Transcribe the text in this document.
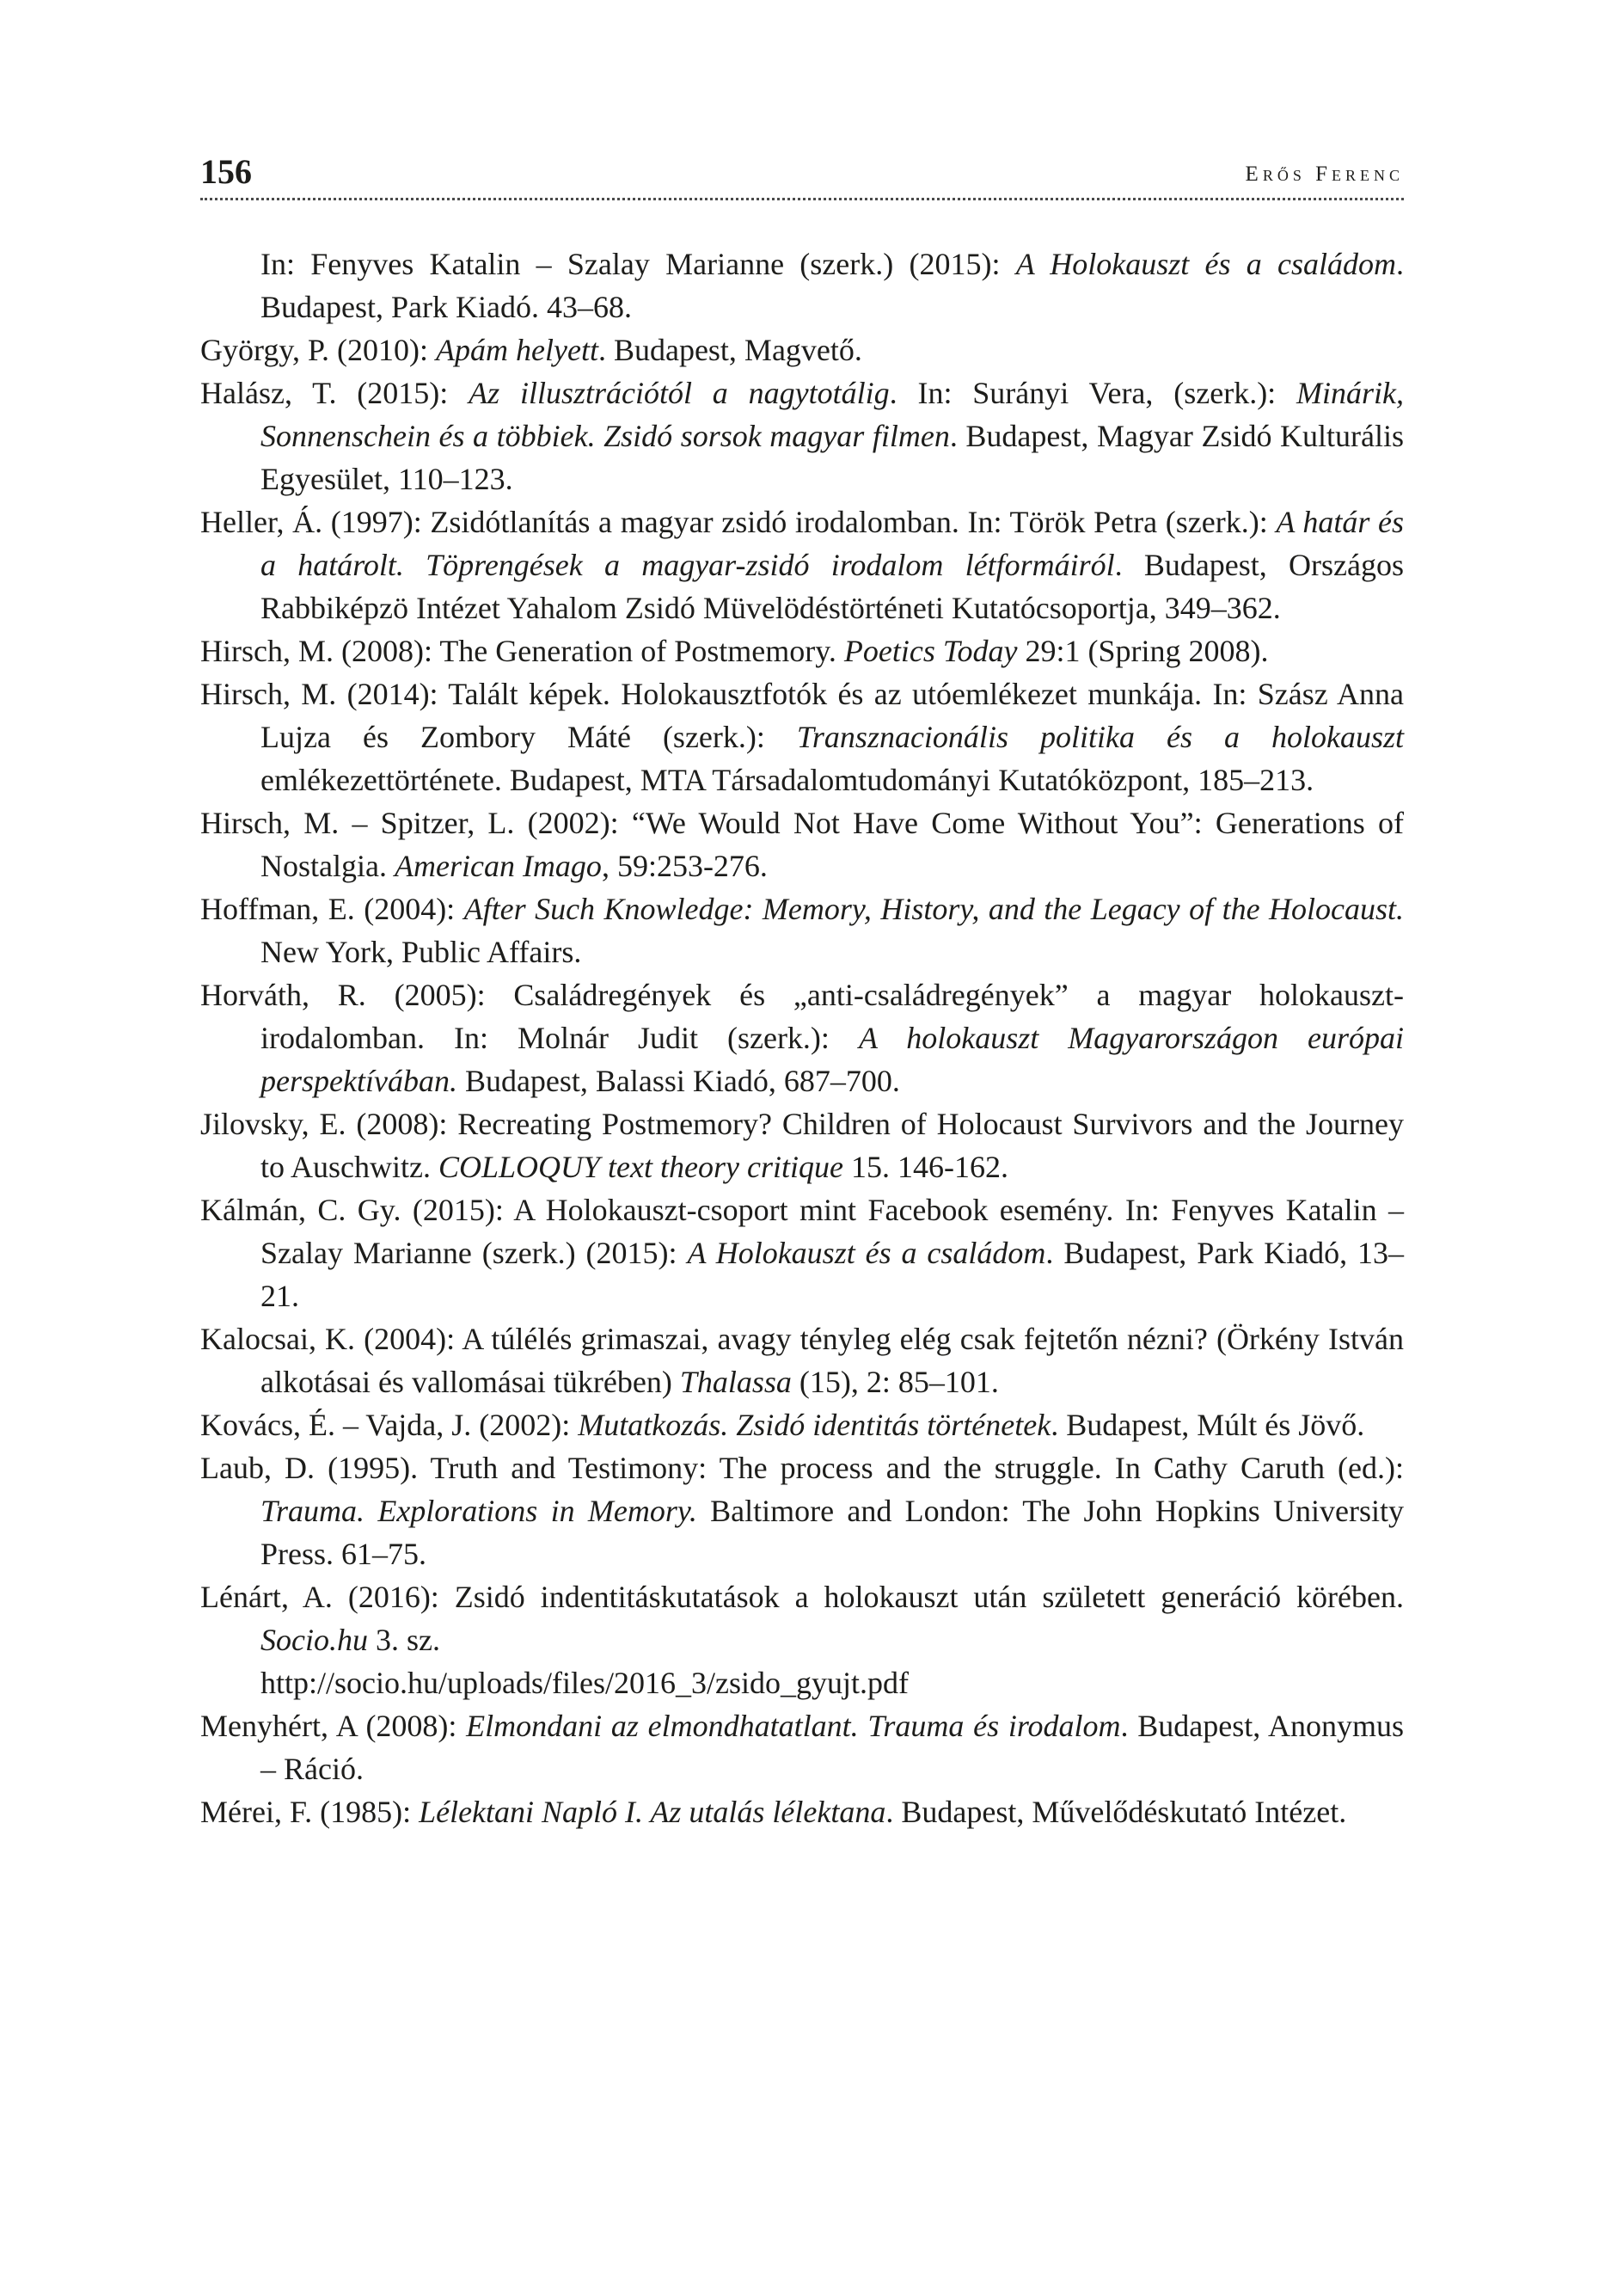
156	Erős Ferenc

In: Fenyves Katalin – Szalay Marianne (szerk.) (2015): A Holokauszt és a családom. Budapest, Park Kiadó. 43–68.

György, P. (2010): Apám helyett. Budapest, Magvető.

Halász, T. (2015): Az illusztrációtól a nagytotálig. In: Surányi Vera, (szerk.): Minárik, Sonnenschein és a többiek. Zsidó sorsok magyar filmen. Budapest, Magyar Zsidó Kulturális Egyesület, 110–123.

Heller, Á. (1997): Zsidótlanítás a magyar zsidó irodalomban. In: Török Petra (szerk.): A határ és a határolt. Töprengések a magyar-zsidó irodalom létformáiról. Budapest, Országos Rabbiképzö Intézet Yahalom Zsidó Müvelödéstörténeti Kutatócsoportja, 349–362.

Hirsch, M. (2008): The Generation of Postmemory. Poetics Today 29:1 (Spring 2008).

Hirsch, M. (2014): Talált képek. Holokausztfotók és az utóemlékezet munkája. In: Szász Anna Lujza és Zombory Máté (szerk.): Transznacionális politika és a holokauszt emlékezettörténete. Budapest, MTA Társadalomtudományi Kutatóközpont, 185–213.

Hirsch, M. – Spitzer, L. (2002): “We Would Not Have Come Without You”: Generations of Nostalgia. American Imago, 59:253-276.

Hoffman, E. (2004): After Such Knowledge: Memory, History, and the Legacy of the Holocaust. New York, Public Affairs.

Horváth, R. (2005): Családregények és „anti-családregények” a magyar holokauszt-irodalomban. In: Molnár Judit (szerk.): A holokauszt Magyarországon európai perspektívában. Budapest, Balassi Kiadó, 687–700.

Jilovsky, E. (2008): Recreating Postmemory? Children of Holocaust Survivors and the Journey to Auschwitz. COLLOQUY text theory critique 15. 146-162.

Kálmán, C. Gy. (2015): A Holokauszt-csoport mint Facebook esemény. In: Fenyves Katalin – Szalay Marianne (szerk.) (2015): A Holokauszt és a családom. Budapest, Park Kiadó, 13–21.

Kalocsai, K. (2004): A túlélés grimaszai, avagy tényleg elég csak fejtetőn nézni? (Örkény István alkotásai és vallomásai tükrében) Thalassa (15), 2: 85–101.

Kovács, É. – Vajda, J. (2002): Mutatkozás. Zsidó identitás történetek. Budapest, Múlt és Jövő.

Laub, D. (1995). Truth and Testimony: The process and the struggle. In Cathy Caruth (ed.): Trauma. Explorations in Memory. Baltimore and London: The John Hopkins University Press. 61–75.

Lénárt, A. (2016): Zsidó indentitáskutatások a holokauszt után született generáció körében. Socio.hu 3. sz.

http://socio.hu/uploads/files/2016_3/zsido_gyujt.pdf

Menyhért, A (2008): Elmondani az elmondhatatlant. Trauma és irodalom. Budapest, Anonymus – Ráció.

Mérei, F. (1985): Lélektani Napló I. Az utalás lélektana. Budapest, Művelődéskutató Intézet.
